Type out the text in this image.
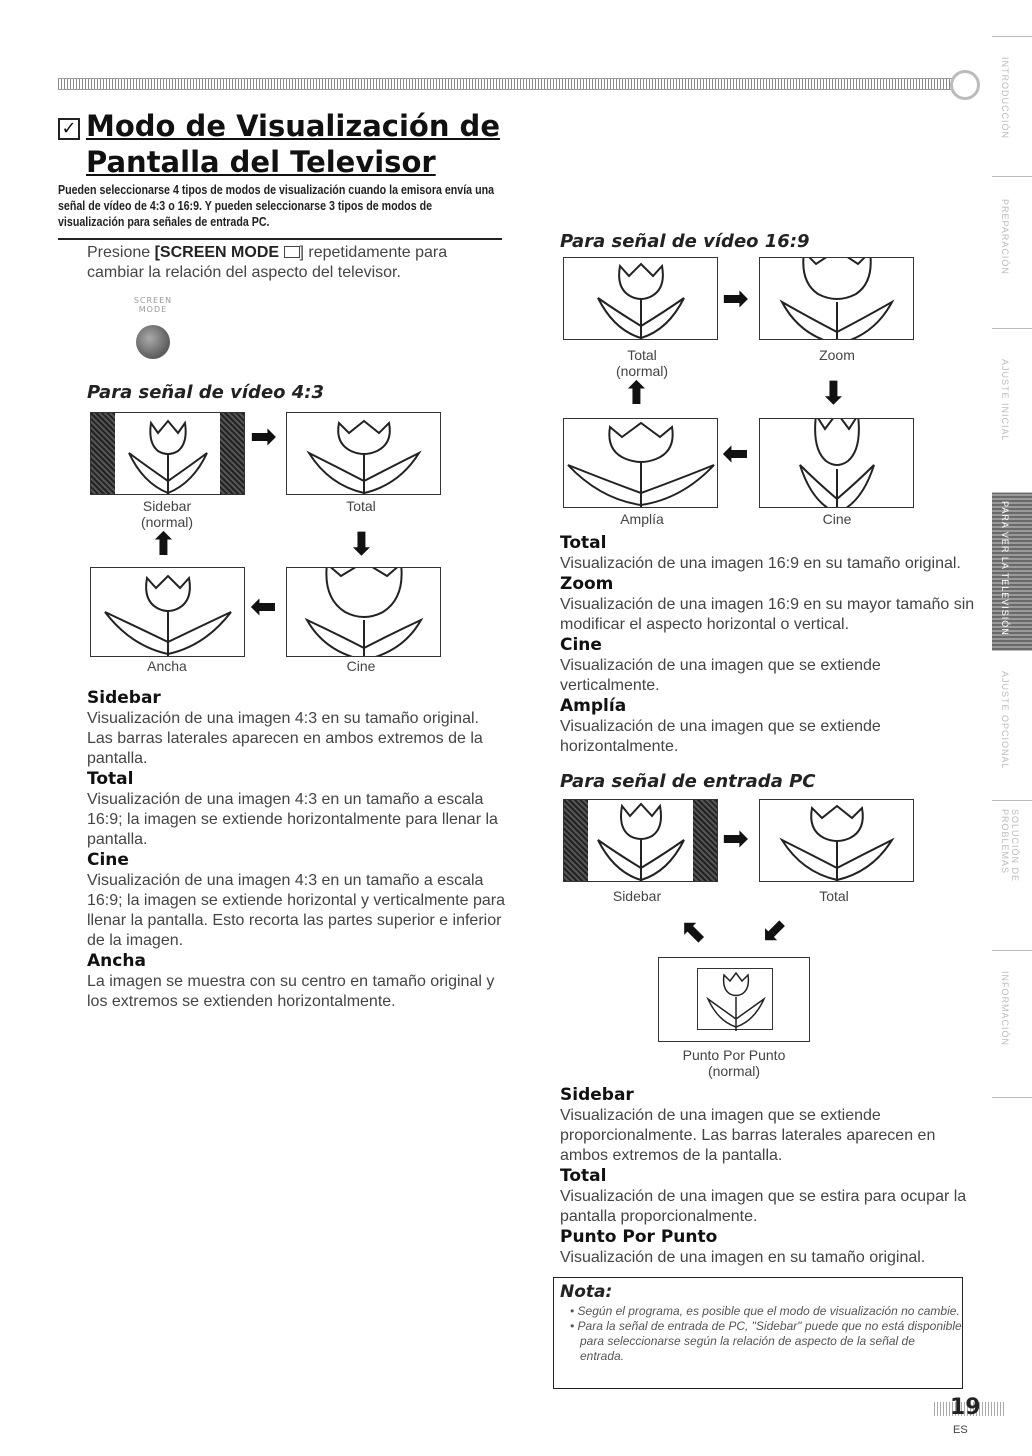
✓ Modo de Visualización de
Pantalla del Televisor
Pueden seleccionarse 4 tipos de modos de visualización cuando la emisora envía una señal de vídeo de 4:3 o 16:9. Y pueden seleccionarse 3 tipos de modos de visualización para señales de entrada PC.
Presione [SCREEN MODE ] repetidamente para cambiar la relación del aspecto del televisor.
SCREEN MODE
Para señal de vídeo 4:3
➡
Sidebar
(normal)
Total
⬆	⬇
⬅
Ancha	Cine
Sidebar
Visualización de una imagen 4:3 en su tamaño original. Las barras laterales aparecen en ambos extremos de la pantalla.
Total
Visualización de una imagen 4:3 en un tamaño a escala 16:9; la imagen se extiende horizontalmente para llenar la pantalla.
Cine
Visualización de una imagen 4:3 en un tamaño a escala 16:9; la imagen se extiende horizontal y verticalmente para llenar la pantalla. Esto recorta las partes superior e inferior de la imagen.
Ancha
La imagen se muestra con su centro en tamaño original y los extremos se extienden horizontalmente.
Para señal de vídeo 16:9
➡
Total
(normal)
Zoom
⬆	⬇
⬅
Amplía	Cine
Total
Visualización de una imagen 16:9 en su tamaño original.
Zoom
Visualización de una imagen 16:9 en su mayor tamaño sin modificar el aspecto horizontal o vertical.
Cine
Visualización de una imagen que se extiende verticalmente.
Amplía
Visualización de una imagen que se extiende horizontalmente.
Para señal de entrada PC
➡
Sidebar	Total
⬆ ⬇
Punto Por Punto
(normal)
Sidebar
Visualización de una imagen que se extiende proporcionalmente. Las barras laterales aparecen en ambos extremos de la pantalla.
Total
Visualización de una imagen que se estira para ocupar la pantalla proporcionalmente.
Punto Por Punto
Visualización de una imagen en su tamaño original.
Nota:
• Según el programa, es posible que el modo de visualización no cambie.
• Para la señal de entrada de PC, "Sidebar" puede que no está disponible para seleccionarse según la relación de aspecto de la señal de entrada.
INTRODUCCIÓN
PREPARACIÓN
AJUSTE INICIAL
PARA VER LA TELEVISIÓN
AJUSTE OPCIONAL
SOLUCIÓN DE PROBLEMAS
INFORMACIÓN
19
ES
